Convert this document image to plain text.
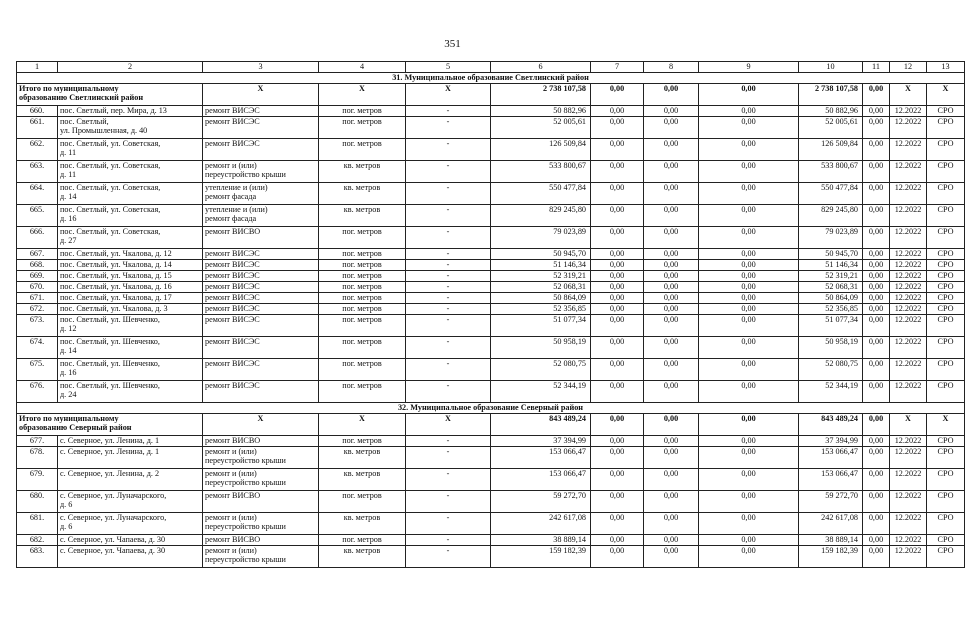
351
1	2	3	4	5	6	7	8	9	10	11	12	13
31. Муниципальное образование Светлинский район												
Итого по муниципальному
образованию Светлинский район		X	X	X	2 738 107,58	0,00	0,00	0,00	2 738 107,58	0,00	X	X
660.	пос. Светлый, пер. Мира, д. 13	ремонт ВИСЭС	пог. метров	-	50 882,96	0,00	0,00	0,00	50 882,96	0,00	12.2022	СРО
661.	пос. Светлый,
ул. Промышленная, д. 40	ремонт ВИСЭС	пог. метров	-	52 005,61	0,00	0,00	0,00	52 005,61	0,00	12.2022	СРО
662.	пос. Светлый, ул. Советская,
д. 11	ремонт ВИСЭС	пог. метров	-	126 509,84	0,00	0,00	0,00	126 509,84	0,00	12.2022	СРО
663.	пос. Светлый, ул. Советская,
д. 11	ремонт и (или)
переустройство крыши	кв. метров	-	533 800,67	0,00	0,00	0,00	533 800,67	0,00	12.2022	СРО
664.	пос. Светлый, ул. Советская,
д. 14	утепление и (или)
ремонт фасада	кв. метров	-	550 477,84	0,00	0,00	0,00	550 477,84	0,00	12.2022	СРО
665.	пос. Светлый, ул. Советская,
д. 16	утепление и (или)
ремонт фасада	кв. метров	-	829 245,80	0,00	0,00	0,00	829 245,80	0,00	12.2022	СРО
666.	пос. Светлый, ул. Советская,
д. 27	ремонт ВИСВО	пог. метров	-	79 023,89	0,00	0,00	0,00	79 023,89	0,00	12.2022	СРО
667.	пос. Светлый, ул. Чкалова, д. 12	ремонт ВИСЭС	пог. метров	-	50 945,70	0,00	0,00	0,00	50 945,70	0,00	12.2022	СРО
668.	пос. Светлый, ул. Чкалова, д. 14	ремонт ВИСЭС	пог. метров	-	51 146,34	0,00	0,00	0,00	51 146,34	0,00	12.2022	СРО
669.	пос. Светлый, ул. Чкалова, д. 15	ремонт ВИСЭС	пог. метров	-	52 319,21	0,00	0,00	0,00	52 319,21	0,00	12.2022	СРО
670.	пос. Светлый, ул. Чкалова, д. 16	ремонт ВИСЭС	пог. метров	-	52 068,31	0,00	0,00	0,00	52 068,31	0,00	12.2022	СРО
671.	пос. Светлый, ул. Чкалова, д. 17	ремонт ВИСЭС	пог. метров	-	50 864,09	0,00	0,00	0,00	50 864,09	0,00	12.2022	СРО
672.	пос. Светлый, ул. Чкалова, д. 3	ремонт ВИСЭС	пог. метров	-	52 356,85	0,00	0,00	0,00	52 356,85	0,00	12.2022	СРО
673.	пос. Светлый, ул. Шевченко,
д. 12	ремонт ВИСЭС	пог. метров	-	51 077,34	0,00	0,00	0,00	51 077,34	0,00	12.2022	СРО
674.	пос. Светлый, ул. Шевченко,
д. 14	ремонт ВИСЭС	пог. метров	-	50 958,19	0,00	0,00	0,00	50 958,19	0,00	12.2022	СРО
675.	пос. Светлый, ул. Шевченко,
д. 16	ремонт ВИСЭС	пог. метров	-	52 080,75	0,00	0,00	0,00	52 080,75	0,00	12.2022	СРО
676.	пос. Светлый, ул. Шевченко,
д. 24	ремонт ВИСЭС	пог. метров	-	52 344,19	0,00	0,00	0,00	52 344,19	0,00	12.2022	СРО
32. Муниципальное образование Северный район												
Итого по муниципальному
образованию Северный район		X	X	X	843 489,24	0,00	0,00	0,00	843 489,24	0,00	X	X
677.	с. Северное, ул. Ленина, д. 1	ремонт ВИСВО	пог. метров	-	37 394,99	0,00	0,00	0,00	37 394,99	0,00	12.2022	СРО
678.	с. Северное, ул. Ленина, д. 1	ремонт и (или)
переустройство крыши	кв. метров	-	153 066,47	0,00	0,00	0,00	153 066,47	0,00	12.2022	СРО
679.	с. Северное, ул. Ленина, д. 2	ремонт и (или)
переустройство крыши	кв. метров	-	153 066,47	0,00	0,00	0,00	153 066,47	0,00	12.2022	СРО
680.	с. Северное, ул. Луначарского,
д. 6	ремонт ВИСВО	пог. метров	-	59 272,70	0,00	0,00	0,00	59 272,70	0,00	12.2022	СРО
681.	с. Северное, ул. Луначарского,
д. 6	ремонт и (или)
переустройство крыши	кв. метров	-	242 617,08	0,00	0,00	0,00	242 617,08	0,00	12.2022	СРО
682.	с. Северное, ул. Чапаева, д. 30	ремонт ВИСВО	пог. метров	-	38 889,14	0,00	0,00	0,00	38 889,14	0,00	12.2022	СРО
683.	с. Северное, ул. Чапаева, д. 30	ремонт и (или)
переустройство крыши	кв. метров	-	159 182,39	0,00	0,00	0,00	159 182,39	0,00	12.2022	СРО
